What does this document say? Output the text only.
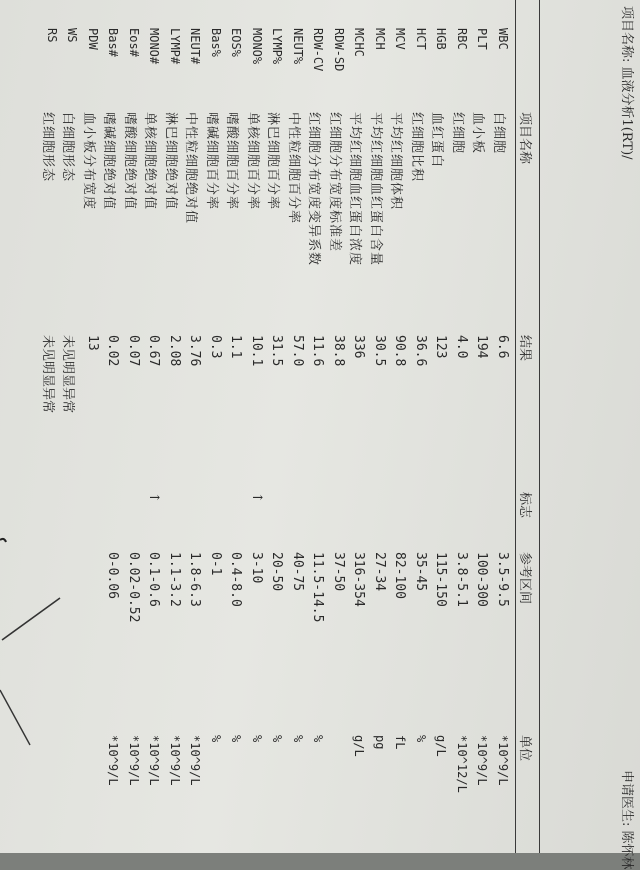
项目名称: 血液分析1(RT)/
申请医生: 陈怀林
项目名称
结果
标志
参考区间
单位
WBC
白细胞
6.6
3.5-9.5
*10^9/L
PLT
血小板
194
100-300
*10^9/L
RBC
红细胞
4.0
3.8-5.1
*10^12/L
HGB
血红蛋白
123
115-150
g/L
HCT
红细胞比积
36.6
35-45
%
MCV
平均红细胞体积
90.8
82-100
fL
MCH
平均红细胞血红蛋白含量
30.5
27-34
pg
MCHC
平均红细胞血红蛋白浓度
336
316-354
g/L
RDW-SD
红细胞分布宽度标准差
38.8
37-50
RDW-CV
红细胞分布宽度变异系数
11.6
11.5-14.5
%
NEUT%
中性粒细胞百分率
57.0
40-75
%
LYMP%
淋巴细胞百分率
31.5
20-50
%
MONO%
单核细胞百分率
10.1
↑
3-10
%
EOS%
嗜酸细胞百分率
1.1
0.4-8.0
%
Bas%
嗜碱细胞百分率
0.3
0-1
%
NEUT#
中性粒细胞绝对值
3.76
1.8-6.3
*10^9/L
LYMP#
淋巴细胞绝对值
2.08
1.1-3.2
*10^9/L
MONO#
单核细胞绝对值
0.67
↑
0.1-0.6
*10^9/L
Eos#
嗜酸细胞绝对值
0.07
0.02-0.52
*10^9/L
Bas#
嗜碱细胞绝对值
0.02
0-0.06
*10^9/L
PDW
血小板分布宽度
13
WS
白细胞形态
未见明显异常
RS
红细胞形态
未见明显异常
